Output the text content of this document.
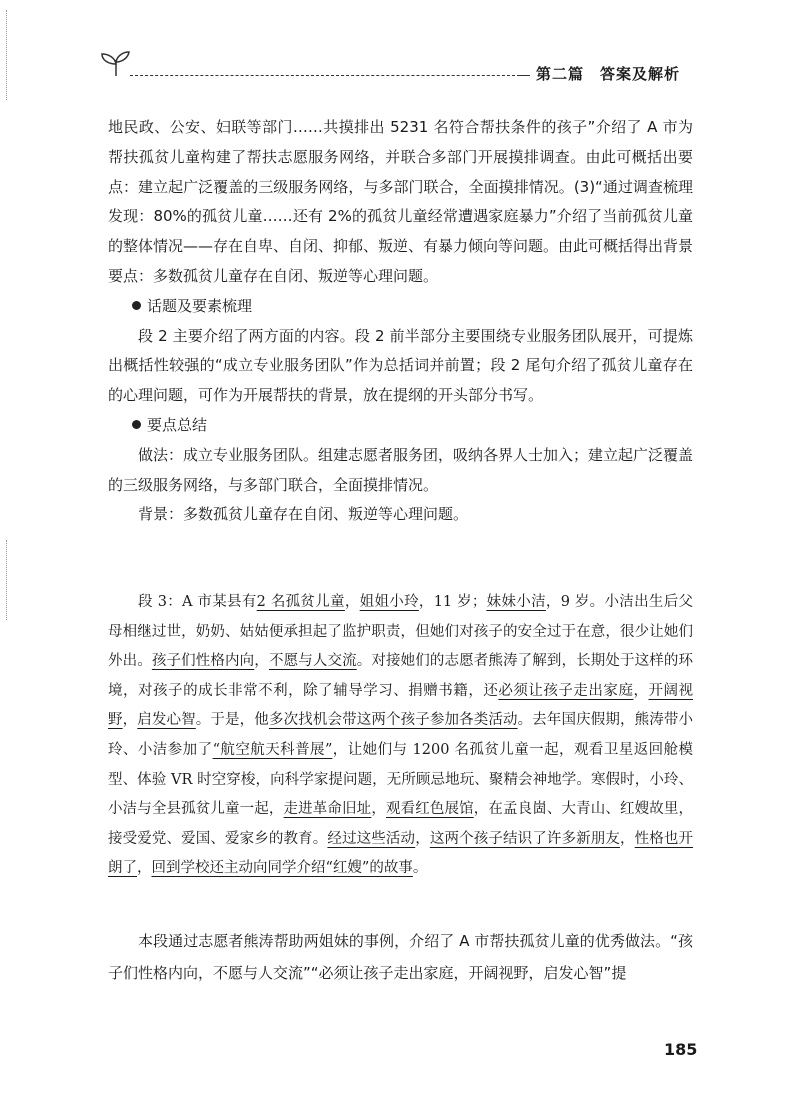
第二篇　答案及解析

地民政、公安、妇联等部门……共摸排出 5231 名符合帮扶条件的孩子”介绍了 A 市为帮扶孤贫儿童构建了帮扶志愿服务网络，并联合多部门开展摸排调查。由此可概括出要点：建立起广泛覆盖的三级服务网络，与多部门联合，全面摸排情况。(3)“通过调查梳理发现：80%的孤贫儿童……还有 2%的孤贫儿童经常遭遇家庭暴力”介绍了当前孤贫儿童的整体情况——存在自卑、自闭、抑郁、叛逆、有暴力倾向等问题。由此可概括得出背景要点：多数孤贫儿童存在自闭、叛逆等心理问题。

话题及要素梳理

段 2 主要介绍了两方面的内容。段 2 前半部分主要围绕专业服务团队展开，可提炼出概括性较强的“成立专业服务团队”作为总括词并前置；段 2 尾句介绍了孤贫儿童存在的心理问题，可作为开展帮扶的背景，放在提纲的开头部分书写。

要点总结

做法：成立专业服务团队。组建志愿者服务团，吸纳各界人士加入；建立起广泛覆盖的三级服务网络，与多部门联合，全面摸排情况。

背景：多数孤贫儿童存在自闭、叛逆等心理问题。

段 3：A 市某县有2 名孤贫儿童，姐姐小玲，11 岁；妹妹小洁，9 岁。小洁出生后父母相继过世，奶奶、姑姑便承担起了监护职责，但她们对孩子的安全过于在意，很少让她们外出。孩子们性格内向，不愿与人交流。对接她们的志愿者熊涛了解到，长期处于这样的环境，对孩子的成长非常不利，除了辅导学习、捐赠书籍，还必须让孩子走出家庭，开阔视野，启发心智。于是，他多次找机会带这两个孩子参加各类活动。去年国庆假期，熊涛带小玲、小洁参加了“航空航天科普展”，让她们与 1200 名孤贫儿童一起，观看卫星返回舱模型、体验 VR 时空穿梭，向科学家提问题，无所顾忌地玩、聚精会神地学。寒假时，小玲、小洁与全县孤贫儿童一起，走进革命旧址，观看红色展馆，在孟良崮、大青山、红嫂故里，接受爱党、爱国、爱家乡的教育。经过这些活动，这两个孩子结识了许多新朋友，性格也开朗了，回到学校还主动向同学介绍“红嫂”的故事。

本段通过志愿者熊涛帮助两姐妹的事例，介绍了 A 市帮扶孤贫儿童的优秀做法。“孩子们性格内向，不愿与人交流”“必须让孩子走出家庭，开阔视野，启发心智”提

185
